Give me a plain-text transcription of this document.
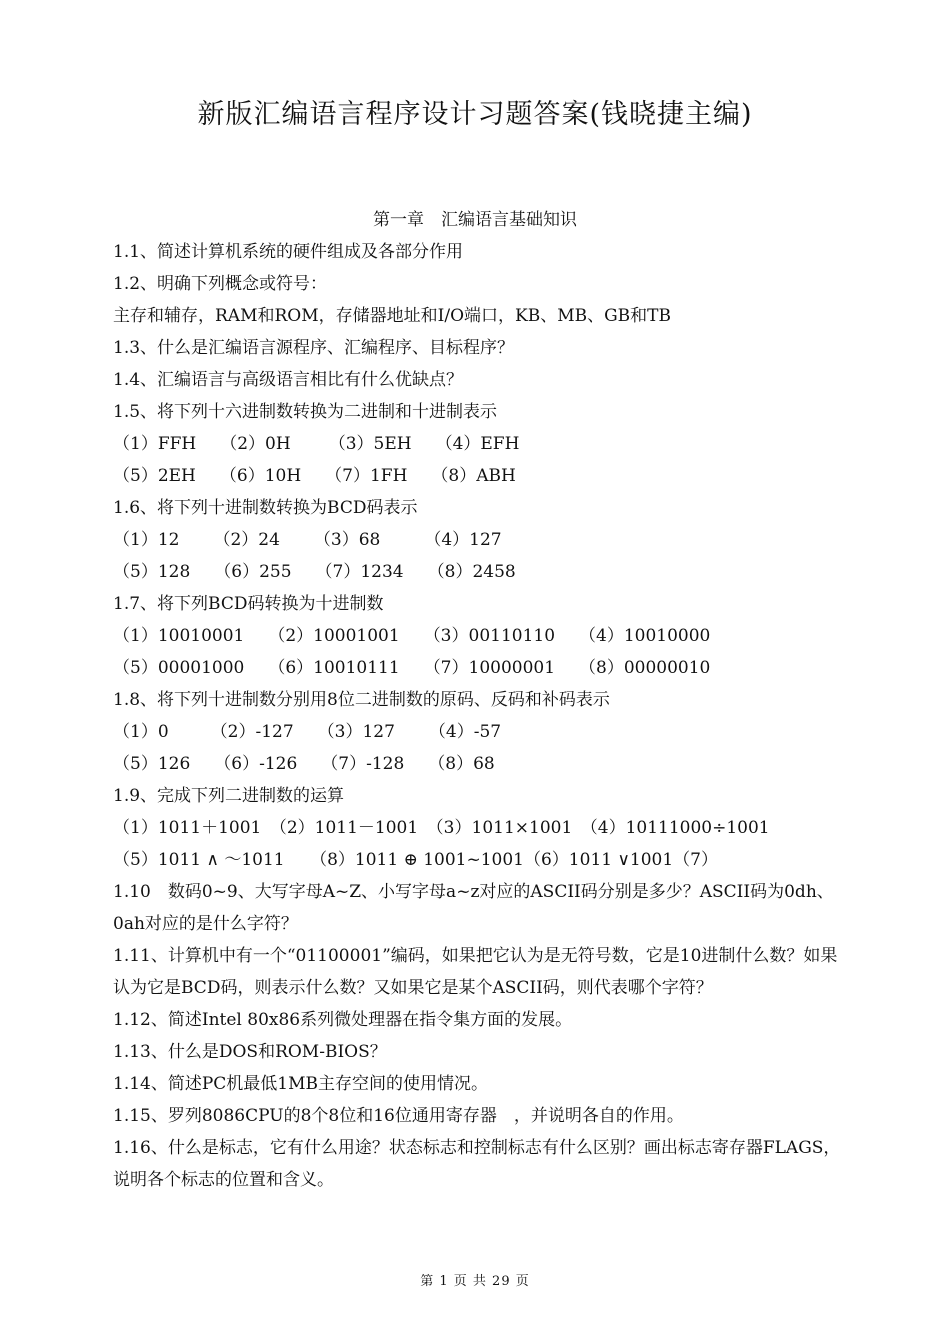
新版汇编语言程序设计习题答案(钱晓捷主编)
第一章　汇编语言基础知识
1.1、简述计算机系统的硬件组成及各部分作用
1.2、明确下列概念或符号：
主存和辅存，RAM和ROM，存储器地址和I/O端口，KB、MB、GB和TB
1.3、什么是汇编语言源程序、汇编程序、目标程序？
1.4、汇编语言与高级语言相比有什么优缺点？
1.5、将下列十六进制数转换为二进制和十进制表示
（1）FFH （2）0H （3）5EH （4）EFH
（5）2EH （6）10H （7）1FH （8）ABH
1.6、将下列十进制数转换为BCD码表示
（1）12 （2）24 （3）68	（4）127
（5）128 （6）255 （7）1234 （8）2458
1.7、将下列BCD码转换为十进制数
（1）10010001 （2）10001001 （3）00110110 （4）10010000
（5）00001000 （6）10010111 （7）10000001 （8）00000010
1.8、将下列十进制数分别用8位二进制数的原码、反码和补码表示
（1）0 （2）-127 （3）127 （4）-57
（5）126 （6）-126 （7）-128 （8）68
1.9、完成下列二进制数的运算
（1）1011＋1001　（2）1011－1001　（3）1011×1001　（4）10111000÷1001
（5）1011 ∧ ～1011　　（8）1011 ⊕ 1001~1001（6）1011 ∨1001（7）
1.10　数码0~9、大写字母A~Z、小写字母a~z对应的ASCII码分别是多少？ASCII码为0dh、0ah对应的是什么字符？
1.11、计算机中有一个“01100001”编码，如果把它认为是无符号数，它是10进制什么数？如果认为它是BCD码，则表示什么数？又如果它是某个ASCII码，则代表哪个字符？
1.12、简述Intel 80x86系列微处理器在指令集方面的发展。
1.13、什么是DOS和ROM-BIOS？
1.14、简述PC机最低1MB主存空间的使用情况。
1.15、罗列8086CPU的8个8位和16位通用寄存器　，并说明各自的作用。
1.16、什么是标志，它有什么用途？状态标志和控制标志有什么区别？画出标志寄存器FLAGS，说明各个标志的位置和含义。
第 1 页 共 29 页
